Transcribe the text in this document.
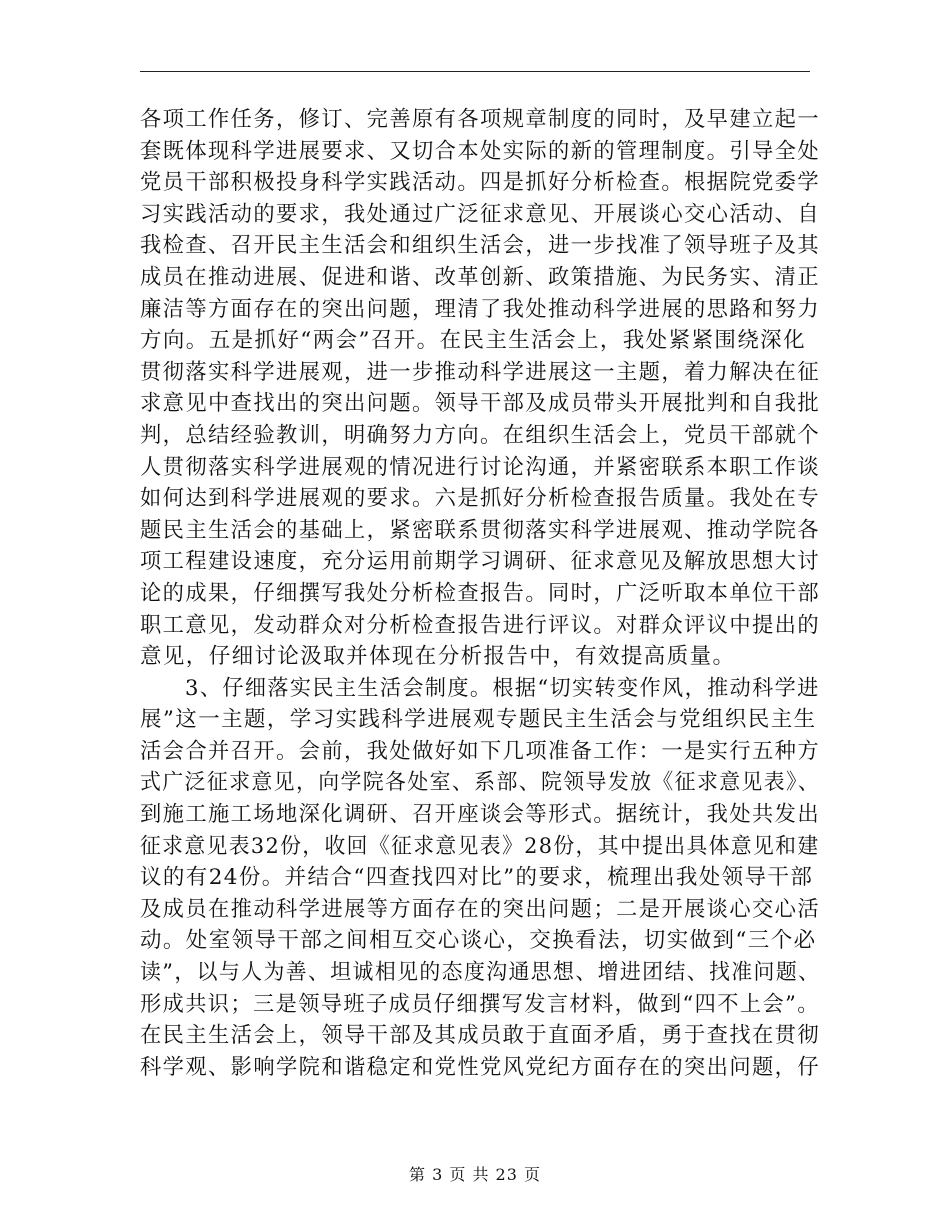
各项工作任务，修订、完善原有各项规章制度的同时，及早建立起一
套既体现科学进展要求、又切合本处实际的新的管理制度。引导全处
党员干部积极投身科学实践活动。四是抓好分析检查。根据院党委学
习实践活动的要求，我处通过广泛征求意见、开展谈心交心活动、自
我检查、召开民主生活会和组织生活会，进一步找准了领导班子及其
成员在推动进展、促进和谐、改革创新、政策措施、为民务实、清正
廉洁等方面存在的突出问题，理清了我处推动科学进展的思路和努力
方向。五是抓好“两会”召开。在民主生活会上，我处紧紧围绕深化
贯彻落实科学进展观，进一步推动科学进展这一主题，着力解决在征
求意见中查找出的突出问题。领导干部及成员带头开展批判和自我批
判，总结经验教训，明确努力方向。在组织生活会上，党员干部就个
人贯彻落实科学进展观的情况进行讨论沟通，并紧密联系本职工作谈
如何达到科学进展观的要求。六是抓好分析检查报告质量。我处在专
题民主生活会的基础上，紧密联系贯彻落实科学进展观、推动学院各
项工程建设速度，充分运用前期学习调研、征求意见及解放思想大讨
论的成果，仔细撰写我处分析检查报告。同时，广泛听取本单位干部
职工意见，发动群众对分析检查报告进行评议。对群众评议中提出的
意见，仔细讨论汲取并体现在分析报告中，有效提高质量。
　　3、仔细落实民主生活会制度。根据“切实转变作风，推动科学进
展”这一主题，学习实践科学进展观专题民主生活会与党组织民主生
活会合并召开。会前，我处做好如下几项准备工作：一是实行五种方
式广泛征求意见，向学院各处室、系部、院领导发放《征求意见表》、
到施工施工场地深化调研、召开座谈会等形式。据统计，我处共发出
征求意见表32份，收回《征求意见表》28份，其中提出具体意见和建
议的有24份。并结合“四查找四对比”的要求，梳理出我处领导干部
及成员在推动科学进展等方面存在的突出问题；二是开展谈心交心活
动。处室领导干部之间相互交心谈心，交换看法，切实做到“三个必
读”，以与人为善、坦诚相见的态度沟通思想、增进团结、找准问题、
形成共识；三是领导班子成员仔细撰写发言材料，做到“四不上会”。
在民主生活会上，领导干部及其成员敢于直面矛盾，勇于查找在贯彻
科学观、影响学院和谐稳定和党性党风党纪方面存在的突出问题，仔
第 3 页 共 23 页
